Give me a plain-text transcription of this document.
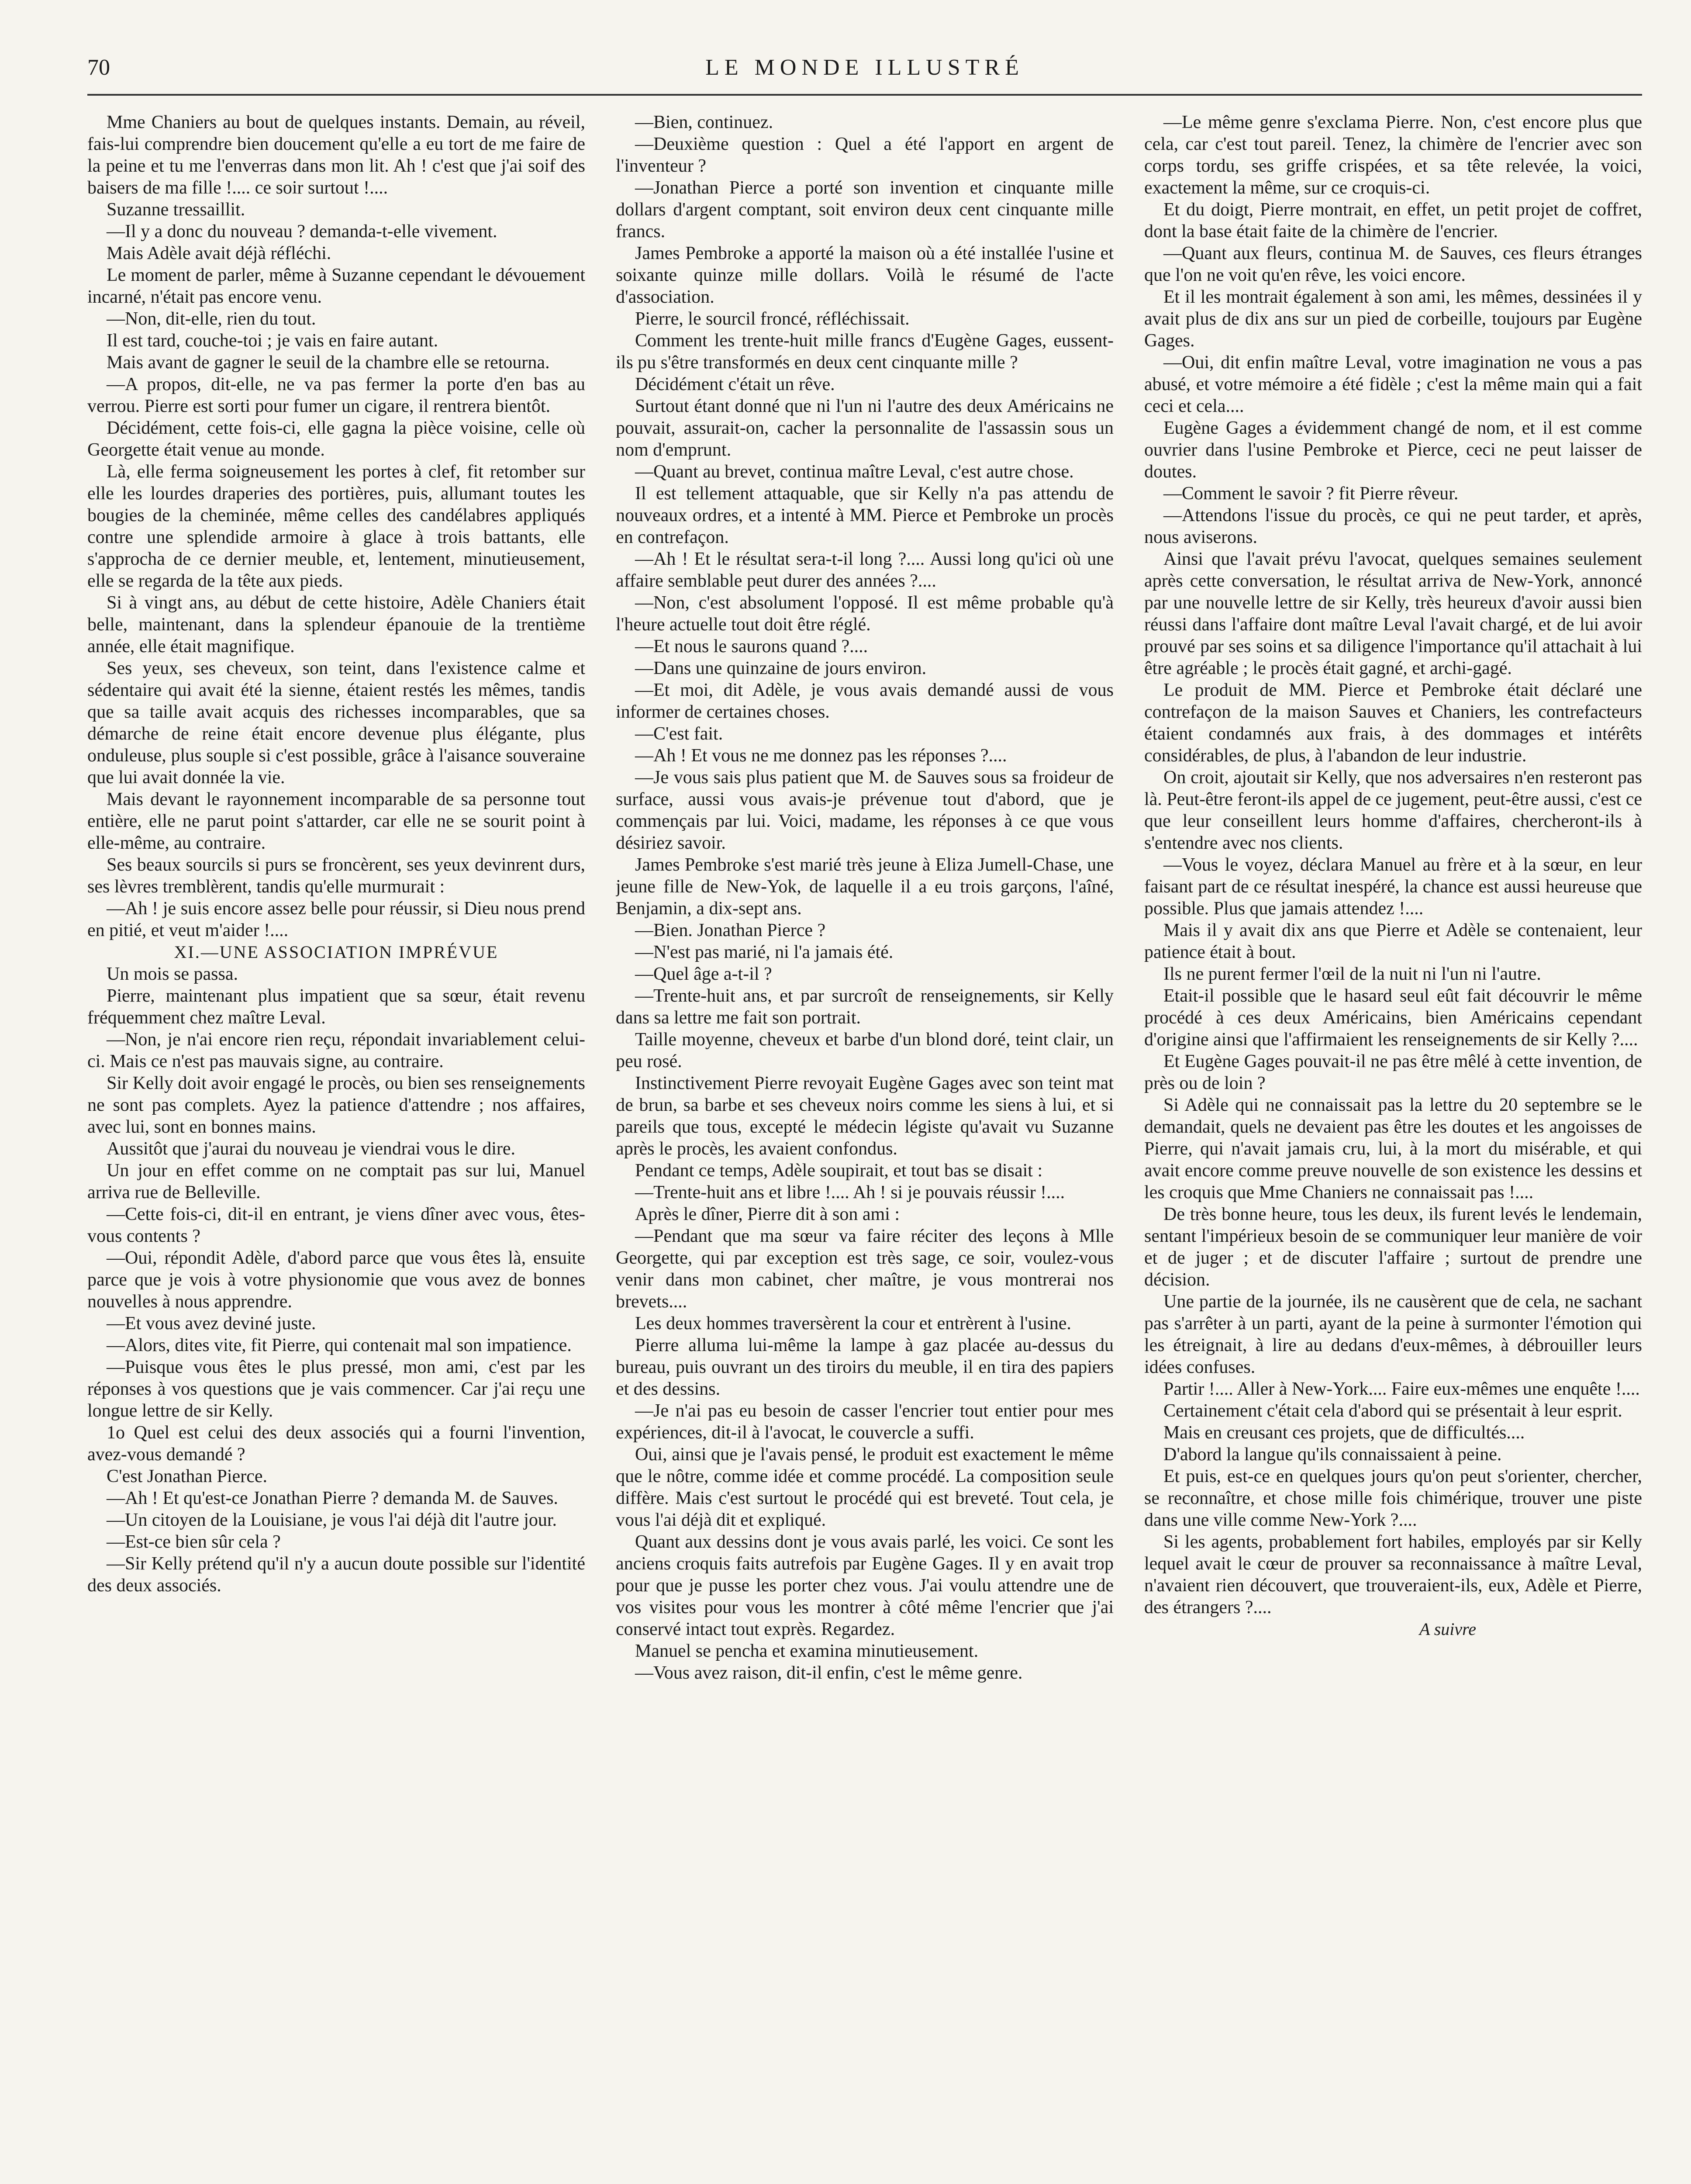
70	LE MONDE ILLUSTRÉ

Mme Chaniers au bout de quelques instants. Demain, au réveil, fais-lui comprendre bien doucement qu'elle a eu tort de me faire de la peine et tu me l'enverras dans mon lit. Ah ! c'est que j'ai soif des baisers de ma fille !.... ce soir surtout !....

Suzanne tressaillit.

—Il y a donc du nouveau ? demanda-t-elle vivement.

Mais Adèle avait déjà réfléchi.

Le moment de parler, même à Suzanne cependant le dévouement incarné, n'était pas encore venu.

—Non, dit-elle, rien du tout.

Il est tard, couche-toi ; je vais en faire autant.

Mais avant de gagner le seuil de la chambre elle se retourna.

—A propos, dit-elle, ne va pas fermer la porte d'en bas au verrou. Pierre est sorti pour fumer un cigare, il rentrera bientôt.

Décidément, cette fois-ci, elle gagna la pièce voisine, celle où Georgette était venue au monde.

Là, elle ferma soigneusement les portes à clef, fit retomber sur elle les lourdes draperies des portières, puis, allumant toutes les bougies de la cheminée, même celles des candélabres appliqués contre une splendide armoire à glace à trois battants, elle s'approcha de ce dernier meuble, et, lentement, minutieusement, elle se regarda de la tête aux pieds.

Si à vingt ans, au début de cette histoire, Adèle Chaniers était belle, maintenant, dans la splendeur épanouie de la trentième année, elle était magnifique.

Ses yeux, ses cheveux, son teint, dans l'existence calme et sédentaire qui avait été la sienne, étaient restés les mêmes, tandis que sa taille avait acquis des richesses incomparables, que sa démarche de reine était encore devenue plus élégante, plus onduleuse, plus souple si c'est possible, grâce à l'aisance souveraine que lui avait donnée la vie.

Mais devant le rayonnement incomparable de sa personne tout entière, elle ne parut point s'attarder, car elle ne se sourit point à elle-même, au contraire.

Ses beaux sourcils si purs se froncèrent, ses yeux devinrent durs, ses lèvres tremblèrent, tandis qu'elle murmurait :

—Ah ! je suis encore assez belle pour réussir, si Dieu nous prend en pitié, et veut m'aider !....

XI.—UNE ASSOCIATION IMPRÉVUE

Un mois se passa.

Pierre, maintenant plus impatient que sa sœur, était revenu fréquemment chez maître Leval.

—Non, je n'ai encore rien reçu, répondait invariablement celui-ci. Mais ce n'est pas mauvais signe, au contraire.

Sir Kelly doit avoir engagé le procès, ou bien ses renseignements ne sont pas complets. Ayez la patience d'attendre ; nos affaires, avec lui, sont en bonnes mains.

Aussitôt que j'aurai du nouveau je viendrai vous le dire.

Un jour en effet comme on ne comptait pas sur lui, Manuel arriva rue de Belleville.

—Cette fois-ci, dit-il en entrant, je viens dîner avec vous, êtes-vous contents ?

—Oui, répondit Adèle, d'abord parce que vous êtes là, ensuite parce que je vois à votre physionomie que vous avez de bonnes nouvelles à nous apprendre.

—Et vous avez deviné juste.

—Alors, dites vite, fit Pierre, qui contenait mal son impatience.

—Puisque vous êtes le plus pressé, mon ami, c'est par les réponses à vos questions que je vais commencer. Car j'ai reçu une longue lettre de sir Kelly.

1o Quel est celui des deux associés qui a fourni l'invention, avez-vous demandé ?

C'est Jonathan Pierce.

—Ah ! Et qu'est-ce Jonathan Pierre ? demanda M. de Sauves.

—Un citoyen de la Louisiane, je vous l'ai déjà dit l'autre jour.

—Est-ce bien sûr cela ?

—Sir Kelly prétend qu'il n'y a aucun doute possible sur l'identité des deux associés.

—Bien, continuez.

—Deuxième question : Quel a été l'apport en argent de l'inventeur ?

—Jonathan Pierce a porté son invention et cinquante mille dollars d'argent comptant, soit environ deux cent cinquante mille francs.

James Pembroke a apporté la maison où a été installée l'usine et soixante quinze mille dollars. Voilà le résumé de l'acte d'association.

Pierre, le sourcil froncé, réfléchissait.

Comment les trente-huit mille francs d'Eugène Gages, eussent-ils pu s'être transformés en deux cent cinquante mille ?

Décidément c'était un rêve.

Surtout étant donné que ni l'un ni l'autre des deux Américains ne pouvait, assurait-on, cacher la personnalite de l'assassin sous un nom d'emprunt.

—Quant au brevet, continua maître Leval, c'est autre chose.

Il est tellement attaquable, que sir Kelly n'a pas attendu de nouveaux ordres, et a intenté à MM. Pierce et Pembroke un procès en contrefaçon.

—Ah ! Et le résultat sera-t-il long ?.... Aussi long qu'ici où une affaire semblable peut durer des années ?....

—Non, c'est absolument l'opposé. Il est même probable qu'à l'heure actuelle tout doit être réglé.

—Et nous le saurons quand ?....

—Dans une quinzaine de jours environ.

—Et moi, dit Adèle, je vous avais demandé aussi de vous informer de certaines choses.

—C'est fait.

—Ah ! Et vous ne me donnez pas les réponses ?....

—Je vous sais plus patient que M. de Sauves sous sa froideur de surface, aussi vous avais-je prévenue tout d'abord, que je commençais par lui. Voici, madame, les réponses à ce que vous désiriez savoir.

James Pembroke s'est marié très jeune à Eliza Jumell-Chase, une jeune fille de New-Yok, de laquelle il a eu trois garçons, l'aîné, Benjamin, a dix-sept ans.

—Bien. Jonathan Pierce ?

—N'est pas marié, ni l'a jamais été.

—Quel âge a-t-il ?

—Trente-huit ans, et par surcroît de renseignements, sir Kelly dans sa lettre me fait son portrait.

Taille moyenne, cheveux et barbe d'un blond doré, teint clair, un peu rosé.

Instinctivement Pierre revoyait Eugène Gages avec son teint mat de brun, sa barbe et ses cheveux noirs comme les siens à lui, et si pareils que tous, excepté le médecin légiste qu'avait vu Suzanne après le procès, les avaient confondus.

Pendant ce temps, Adèle soupirait, et tout bas se disait :

—Trente-huit ans et libre !.... Ah ! si je pouvais réussir !....

Après le dîner, Pierre dit à son ami :

—Pendant que ma sœur va faire réciter des leçons à Mlle Georgette, qui par exception est très sage, ce soir, voulez-vous venir dans mon cabinet, cher maître, je vous montrerai nos brevets....

Les deux hommes traversèrent la cour et entrèrent à l'usine.

Pierre alluma lui-même la lampe à gaz placée au-dessus du bureau, puis ouvrant un des tiroirs du meuble, il en tira des papiers et des dessins.

—Je n'ai pas eu besoin de casser l'encrier tout entier pour mes expériences, dit-il à l'avocat, le couvercle a suffi.

Oui, ainsi que je l'avais pensé, le produit est exactement le même que le nôtre, comme idée et comme procédé. La composition seule diffère. Mais c'est surtout le procédé qui est breveté. Tout cela, je vous l'ai déjà dit et expliqué.

Quant aux dessins dont je vous avais parlé, les voici. Ce sont les anciens croquis faits autrefois par Eugène Gages. Il y en avait trop pour que je pusse les porter chez vous. J'ai voulu attendre une de vos visites pour vous les montrer à côté même l'encrier que j'ai conservé intact tout exprès. Regardez.

Manuel se pencha et examina minutieusement.

—Vous avez raison, dit-il enfin, c'est le même genre.

—Le même genre s'exclama Pierre. Non, c'est encore plus que cela, car c'est tout pareil. Tenez, la chimère de l'encrier avec son corps tordu, ses griffe crispées, et sa tête relevée, la voici, exactement la même, sur ce croquis-ci.

Et du doigt, Pierre montrait, en effet, un petit projet de coffret, dont la base était faite de la chimère de l'encrier.

—Quant aux fleurs, continua M. de Sauves, ces fleurs étranges que l'on ne voit qu'en rêve, les voici encore.

Et il les montrait également à son ami, les mêmes, dessinées il y avait plus de dix ans sur un pied de corbeille, toujours par Eugène Gages.

—Oui, dit enfin maître Leval, votre imagination ne vous a pas abusé, et votre mémoire a été fidèle ; c'est la même main qui a fait ceci et cela....

Eugène Gages a évidemment changé de nom, et il est comme ouvrier dans l'usine Pembroke et Pierce, ceci ne peut laisser de doutes.

—Comment le savoir ? fit Pierre rêveur.

—Attendons l'issue du procès, ce qui ne peut tarder, et après, nous aviserons.

Ainsi que l'avait prévu l'avocat, quelques semaines seulement après cette conversation, le résultat arriva de New-York, annoncé par une nouvelle lettre de sir Kelly, très heureux d'avoir aussi bien réussi dans l'affaire dont maître Leval l'avait chargé, et de lui avoir prouvé par ses soins et sa diligence l'importance qu'il attachait à lui être agréable ; le procès était gagné, et archi-gagé.

Le produit de MM. Pierce et Pembroke était déclaré une contrefaçon de la maison Sauves et Chaniers, les contrefacteurs étaient condamnés aux frais, à des dommages et intérêts considérables, de plus, à l'abandon de leur industrie.

On croit, ajoutait sir Kelly, que nos adversaires n'en resteront pas là. Peut-être feront-ils appel de ce jugement, peut-être aussi, c'est ce que leur conseillent leurs homme d'affaires, chercheront-ils à s'entendre avec nos clients.

—Vous le voyez, déclara Manuel au frère et à la sœur, en leur faisant part de ce résultat inespéré, la chance est aussi heureuse que possible. Plus que jamais attendez !....

Mais il y avait dix ans que Pierre et Adèle se contenaient, leur patience était à bout.

Ils ne purent fermer l'œil de la nuit ni l'un ni l'autre.

Etait-il possible que le hasard seul eût fait découvrir le même procédé à ces deux Américains, bien Américains cependant d'origine ainsi que l'affirmaient les renseignements de sir Kelly ?....

Et Eugène Gages pouvait-il ne pas être mêlé à cette invention, de près ou de loin ?

Si Adèle qui ne connaissait pas la lettre du 20 septembre se le demandait, quels ne devaient pas être les doutes et les angoisses de Pierre, qui n'avait jamais cru, lui, à la mort du misérable, et qui avait encore comme preuve nouvelle de son existence les dessins et les croquis que Mme Chaniers ne connaissait pas !....

De très bonne heure, tous les deux, ils furent levés le lendemain, sentant l'impérieux besoin de se communiquer leur manière de voir et de juger ; et de discuter l'affaire ; surtout de prendre une décision.

Une partie de la journée, ils ne causèrent que de cela, ne sachant pas s'arrêter à un parti, ayant de la peine à surmonter l'émotion qui les étreignait, à lire au dedans d'eux-mêmes, à débrouiller leurs idées confuses.

Partir !.... Aller à New-York.... Faire eux-mêmes une enquête !....

Certainement c'était cela d'abord qui se présentait à leur esprit.

Mais en creusant ces projets, que de difficultés....

D'abord la langue qu'ils connaissaient à peine.

Et puis, est-ce en quelques jours qu'on peut s'orienter, chercher, se reconnaître, et chose mille fois chimérique, trouver une piste dans une ville comme New-York ?....

Si les agents, probablement fort habiles, employés par sir Kelly lequel avait le cœur de prouver sa reconnaissance à maître Leval, n'avaient rien découvert, que trouveraient-ils, eux, Adèle et Pierre, des étrangers ?....

A suivre
